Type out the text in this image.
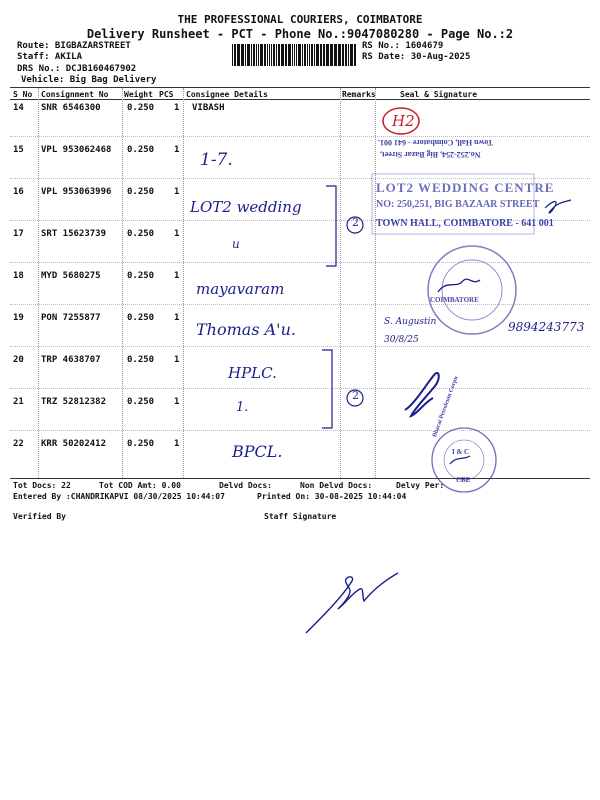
THE PROFESSIONAL COURIERS, COIMBATORE
Delivery Runsheet - PCT - Phone No.:9047080280 - Page No.:2
Route: BIGBAZARSTREET
Staff: AKILA
DRS No.: DCJB160467902
Vehicle: Big Bag Delivery
RS No.: 1604679
RS Date: 30-Aug-2025
S No Consignment No Weight PCS Consignee Details	Remarks	Seal & Signature
14 SNR 6546300	0.250 1 VIBASH
15 VPL 953062468 0.250 1
16 VPL 953063996 0.250 1
17 SRT 15623739 0.250 1
18 MYD 5680275	0.250 1
19 PON 7255877	0.250 1
20 TRP 4638707	0.250 1
21 TRZ 52812382 0.250 1
22 KRR 50202412 0.250 1
1-7.
LOT2 wedding
u
mayavaram
Thomas A'u.
HPLC.
1.
BPCL.
2
2
H2
S. Augustin 30/8/25
9894243773
Town Hall, Coimbatore - 641 001.
No.252-254, Big Bazar Street,
LOT2 WEDDING CENTRE
NO: 250,251, BIG BAZAAR STREET
TOWN HALL, COIMBATORE - 641 001
COIMBATORE
Bharat Petroleum Corpn
I & C
CBE
Tot Docs: 22	Tot COD Amt: 0.00	Delvd Docs:	Non Delvd Docs:	Delvy Per:
Entered By :CHANDRIKAPVI 08/30/2025 10:44:07	Printed On: 30-08-2025 10:44:04
Verified By	Staff Signature
